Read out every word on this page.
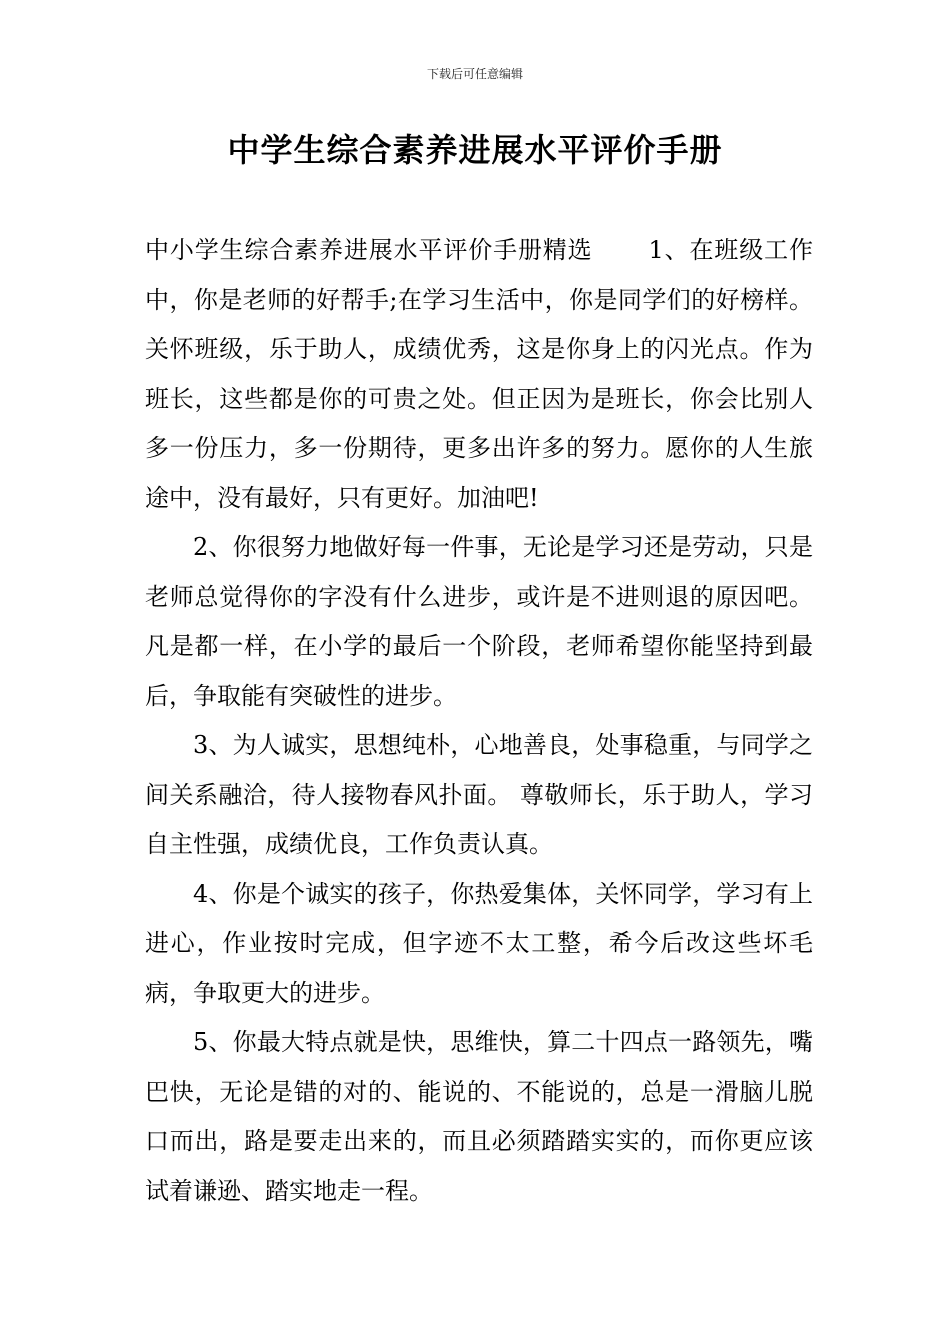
下载后可任意编辑
中学生综合素养进展水平评价手册

中小学生综合素养进展水平评价手册精选 1、在班级工作中，你是老师的好帮手;在学习生活中，你是同学们的好榜样。关怀班级，乐于助人，成绩优秀，这是你身上的闪光点。作为班长，这些都是你的可贵之处。但正因为是班长，你会比别人多一份压力，多一份期待，更多出许多的努力。愿你的人生旅途中，没有最好，只有更好。加油吧!

2、你很努力地做好每一件事，无论是学习还是劳动，只是老师总觉得你的字没有什么进步，或许是不进则退的原因吧。凡是都一样，在小学的最后一个阶段，老师希望你能坚持到最后，争取能有突破性的进步。

3、为人诚实，思想纯朴，心地善良，处事稳重，与同学之间关系融洽，待人接物春风扑面。 尊敬师长，乐于助人，学习自主性强，成绩优良，工作负责认真。

4、你是个诚实的孩子，你热爱集体，关怀同学，学习有上进心，作业按时完成，但字迹不太工整，希今后改这些坏毛病，争取更大的进步。

5、你最大特点就是快，思维快，算二十四点一路领先，嘴巴快，无论是错的对的、能说的、不能说的，总是一滑脑儿脱口而出，路是要走出来的，而且必须踏踏实实的，而你更应该试着谦逊、踏实地走一程。
